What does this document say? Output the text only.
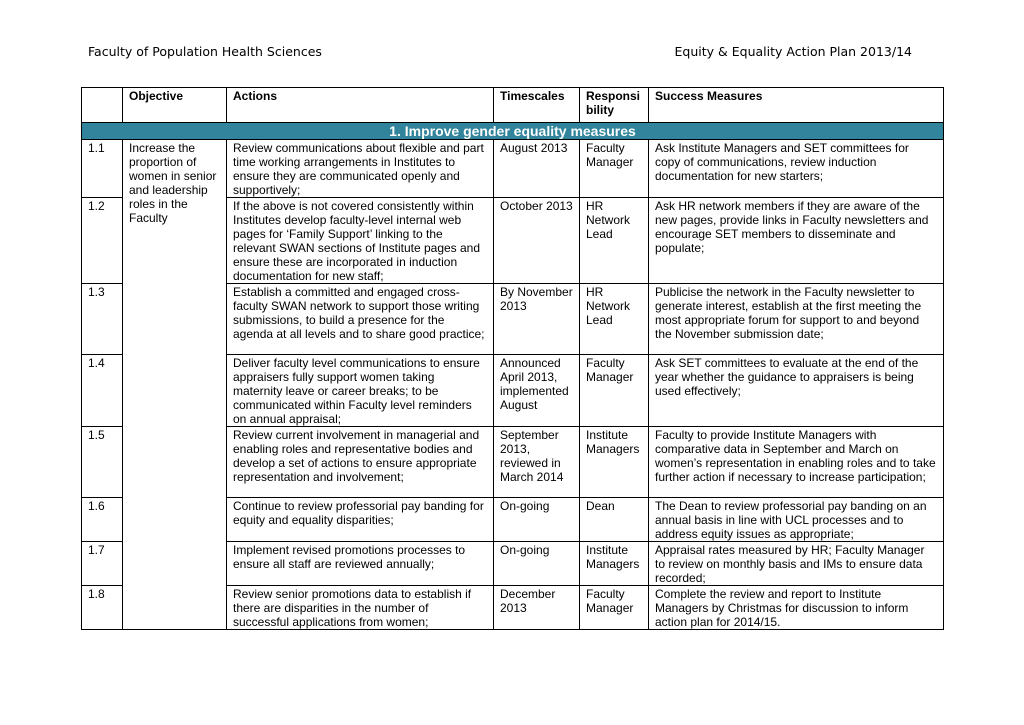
Faculty of Population Health Sciences	Equity & Equality Action Plan 2013/14
	Objective	Actions	Timescales	Responsi bility	Success Measures
1. Improve gender equality measures					
1.1	Increase the proportion of women in senior and leadership roles in the Faculty	Review communications about flexible and part time working arrangements in Institutes to ensure they are communicated openly and supportively;	August 2013	Faculty Manager	Ask Institute Managers and SET committees for copy of communications, review induction documentation for new starters;
1.2		If the above is not covered consistently within Institutes develop faculty-level internal web pages for ‘Family Support’ linking to the relevant SWAN sections of Institute pages and ensure these are incorporated in induction documentation for new staff;	October 2013	HR Network Lead	Ask HR network members if they are aware of the new pages, provide links in Faculty newsletters and encourage SET members to disseminate and populate;
1.3		Establish a committed and engaged cross-faculty SWAN network to support those writing submissions, to build a presence for the agenda at all levels and to share good practice;	By November 2013	HR Network Lead	Publicise the network in the Faculty newsletter to generate interest, establish at the first meeting the most appropriate forum for support to and beyond the November submission date;
1.4		Deliver faculty level communications to ensure appraisers fully support women taking maternity leave or career breaks; to be communicated within Faculty level reminders on annual appraisal;	Announced April 2013, implemented August	Faculty Manager	Ask SET committees to evaluate at the end of the year whether the guidance to appraisers is being used effectively;
1.5		Review current involvement in managerial and enabling roles and representative bodies and develop a set of actions to ensure appropriate representation and involvement;	September 2013, reviewed in March 2014	Institute Managers	Faculty to provide Institute Managers with comparative data in September and March on women’s representation in enabling roles and to take further action if necessary to increase participation;
1.6		Continue to review professorial pay banding for equity and equality disparities;	On-going	Dean	The Dean to review professorial pay banding on an annual basis in line with UCL processes and to address equity issues as appropriate;
1.7		Implement revised promotions processes to ensure all staff are reviewed annually;	On-going	Institute Managers	Appraisal rates measured by HR; Faculty Manager to review on monthly basis and IMs to ensure data recorded;
1.8		Review senior promotions data to establish if there are disparities in the number of successful applications from women;	December 2013	Faculty Manager	Complete the review and report to Institute Managers by Christmas for discussion to inform action plan for 2014/15.
